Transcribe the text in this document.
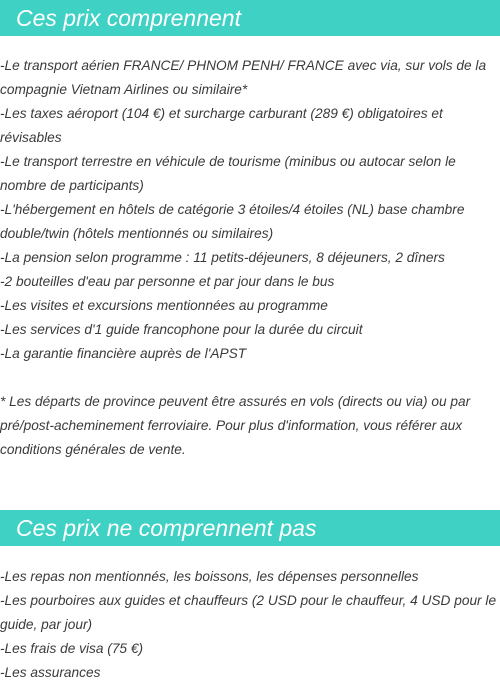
Ces prix comprennent
-Le transport aérien FRANCE/ PHNOM PENH/ FRANCE avec via, sur vols de la compagnie Vietnam Airlines ou similaire*
-Les taxes aéroport (104 €) et surcharge carburant (289 €) obligatoires et révisables
-Le transport terrestre en véhicule de tourisme (minibus ou autocar selon le nombre de participants)
-L'hébergement en hôtels de catégorie 3 étoiles/4 étoiles (NL) base chambre double/twin (hôtels mentionnés ou similaires)
-La pension selon programme : 11 petits-déjeuners, 8 déjeuners, 2 dîners
-2 bouteilles d'eau par personne et par jour dans le bus
-Les visites et excursions mentionnées au programme
-Les services d'1 guide francophone pour la durée du circuit
-La garantie financière auprès de l'APST

* Les départs de province peuvent être assurés en vols (directs ou via) ou par pré/post-acheminement ferroviaire. Pour plus d'information, vous référer aux conditions générales de vente.

Ces prix ne comprennent pas
-Les repas non mentionnés, les boissons, les dépenses personnelles
-Les pourboires aux guides et chauffeurs (2 USD pour le chauffeur, 4 USD pour le guide, par jour)
-Les frais de visa (75 €)
-Les assurances
